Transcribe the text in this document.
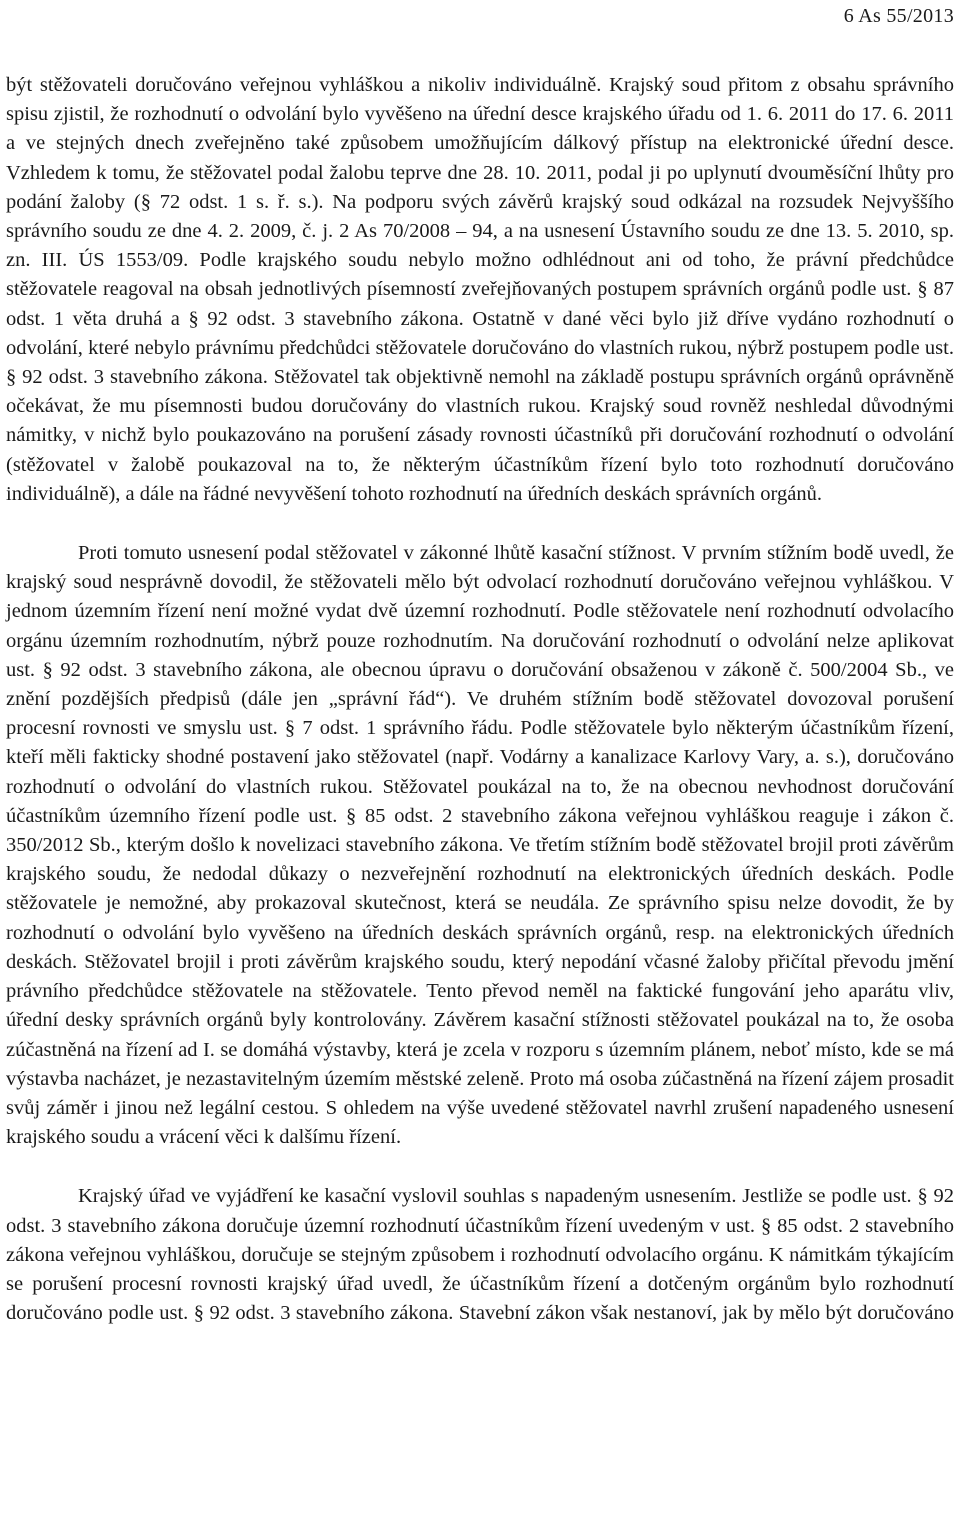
6 As 55/2013

být stěžovateli doručováno veřejnou vyhláškou a nikoliv individuálně. Krajský soud přitom z obsahu správního spisu zjistil, že rozhodnutí o odvolání bylo vyvěšeno na úřední desce krajského úřadu od 1. 6. 2011 do 17. 6. 2011 a ve stejných dnech zveřejněno také způsobem umožňujícím dálkový přístup na elektronické úřední desce. Vzhledem k tomu, že stěžovatel podal žalobu teprve dne 28. 10. 2011, podal ji po uplynutí dvouměsíční lhůty pro podání žaloby (§ 72 odst. 1 s. ř. s.). Na podporu svých závěrů krajský soud odkázal na rozsudek Nejvyššího správního soudu ze dne 4. 2. 2009, č. j. 2 As 70/2008 – 94, a na usnesení Ústavního soudu ze dne 13. 5. 2010, sp. zn. III. ÚS 1553/09. Podle krajského soudu nebylo možno odhlédnout ani od toho, že právní předchůdce stěžovatele reagoval na obsah jednotlivých písemností zveřejňovaných postupem správních orgánů podle ust. § 87 odst. 1 věta druhá a § 92 odst. 3 stavebního zákona. Ostatně v dané věci bylo již dříve vydáno rozhodnutí o odvolání, které nebylo právnímu předchůdci stěžovatele doručováno do vlastních rukou, nýbrž postupem podle ust. § 92 odst. 3 stavebního zákona. Stěžovatel tak objektivně nemohl na základě postupu správních orgánů oprávněně očekávat, že mu písemnosti budou doručovány do vlastních rukou. Krajský soud rovněž neshledal důvodnými námitky, v nichž bylo poukazováno na porušení zásady rovnosti účastníků při doručování rozhodnutí o odvolání (stěžovatel v žalobě poukazoval na to, že některým účastníkům řízení bylo toto rozhodnutí doručováno individuálně), a dále na řádné nevyvěšení tohoto rozhodnutí na úředních deskách správních orgánů.

Proti tomuto usnesení podal stěžovatel v zákonné lhůtě kasační stížnost. V prvním stížním bodě uvedl, že krajský soud nesprávně dovodil, že stěžovateli mělo být odvolací rozhodnutí doručováno veřejnou vyhláškou. V jednom územním řízení není možné vydat dvě územní rozhodnutí. Podle stěžovatele není rozhodnutí odvolacího orgánu územním rozhodnutím, nýbrž pouze rozhodnutím. Na doručování rozhodnutí o odvolání nelze aplikovat ust. § 92 odst. 3 stavebního zákona, ale obecnou úpravu o doručování obsaženou v zákoně č. 500/2004 Sb., ve znění pozdějších předpisů (dále jen „správní řád“). Ve druhém stížním bodě stěžovatel dovozoval porušení procesní rovnosti ve smyslu ust. § 7 odst. 1 správního řádu. Podle stěžovatele bylo některým účastníkům řízení, kteří měli fakticky shodné postavení jako stěžovatel (např. Vodárny a kanalizace Karlovy Vary, a. s.), doručováno rozhodnutí o odvolání do vlastních rukou. Stěžovatel poukázal na to, že na obecnou nevhodnost doručování účastníkům územního řízení podle ust. § 85 odst. 2 stavebního zákona veřejnou vyhláškou reaguje i zákon č. 350/2012 Sb., kterým došlo k novelizaci stavebního zákona. Ve třetím stížním bodě stěžovatel brojil proti závěrům krajského soudu, že nedodal důkazy o nezveřejnění rozhodnutí na elektronických úředních deskách. Podle stěžovatele je nemožné, aby prokazoval skutečnost, která se neudála. Ze správního spisu nelze dovodit, že by rozhodnutí o odvolání bylo vyvěšeno na úředních deskách správních orgánů, resp. na elektronických úředních deskách. Stěžovatel brojil i proti závěrům krajského soudu, který nepodání včasné žaloby přičítal převodu jmění právního předchůdce stěžovatele na stěžovatele. Tento převod neměl na faktické fungování jeho aparátu vliv, úřední desky správních orgánů byly kontrolovány. Závěrem kasační stížnosti stěžovatel poukázal na to, že osoba zúčastněná na řízení ad I. se domáhá výstavby, která je zcela v rozporu s územním plánem, neboť místo, kde se má výstavba nacházet, je nezastavitelným územím městské zeleně. Proto má osoba zúčastněná na řízení zájem prosadit svůj záměr i jinou než legální cestou. S ohledem na výše uvedené stěžovatel navrhl zrušení napadeného usnesení krajského soudu a vrácení věci k dalšímu řízení.

Krajský úřad ve vyjádření ke kasační vyslovil souhlas s napadeným usnesením. Jestliže se podle ust. § 92 odst. 3 stavebního zákona doručuje územní rozhodnutí účastníkům řízení uvedeným v ust. § 85 odst. 2 stavebního zákona veřejnou vyhláškou, doručuje se stejným způsobem i rozhodnutí odvolacího orgánu. K námitkám týkajícím se porušení procesní rovnosti krajský úřad uvedl, že účastníkům řízení a dotčeným orgánům bylo rozhodnutí doručováno podle ust. § 92 odst. 3 stavebního zákona. Stavební zákon však nestanoví, jak by mělo být doručováno
